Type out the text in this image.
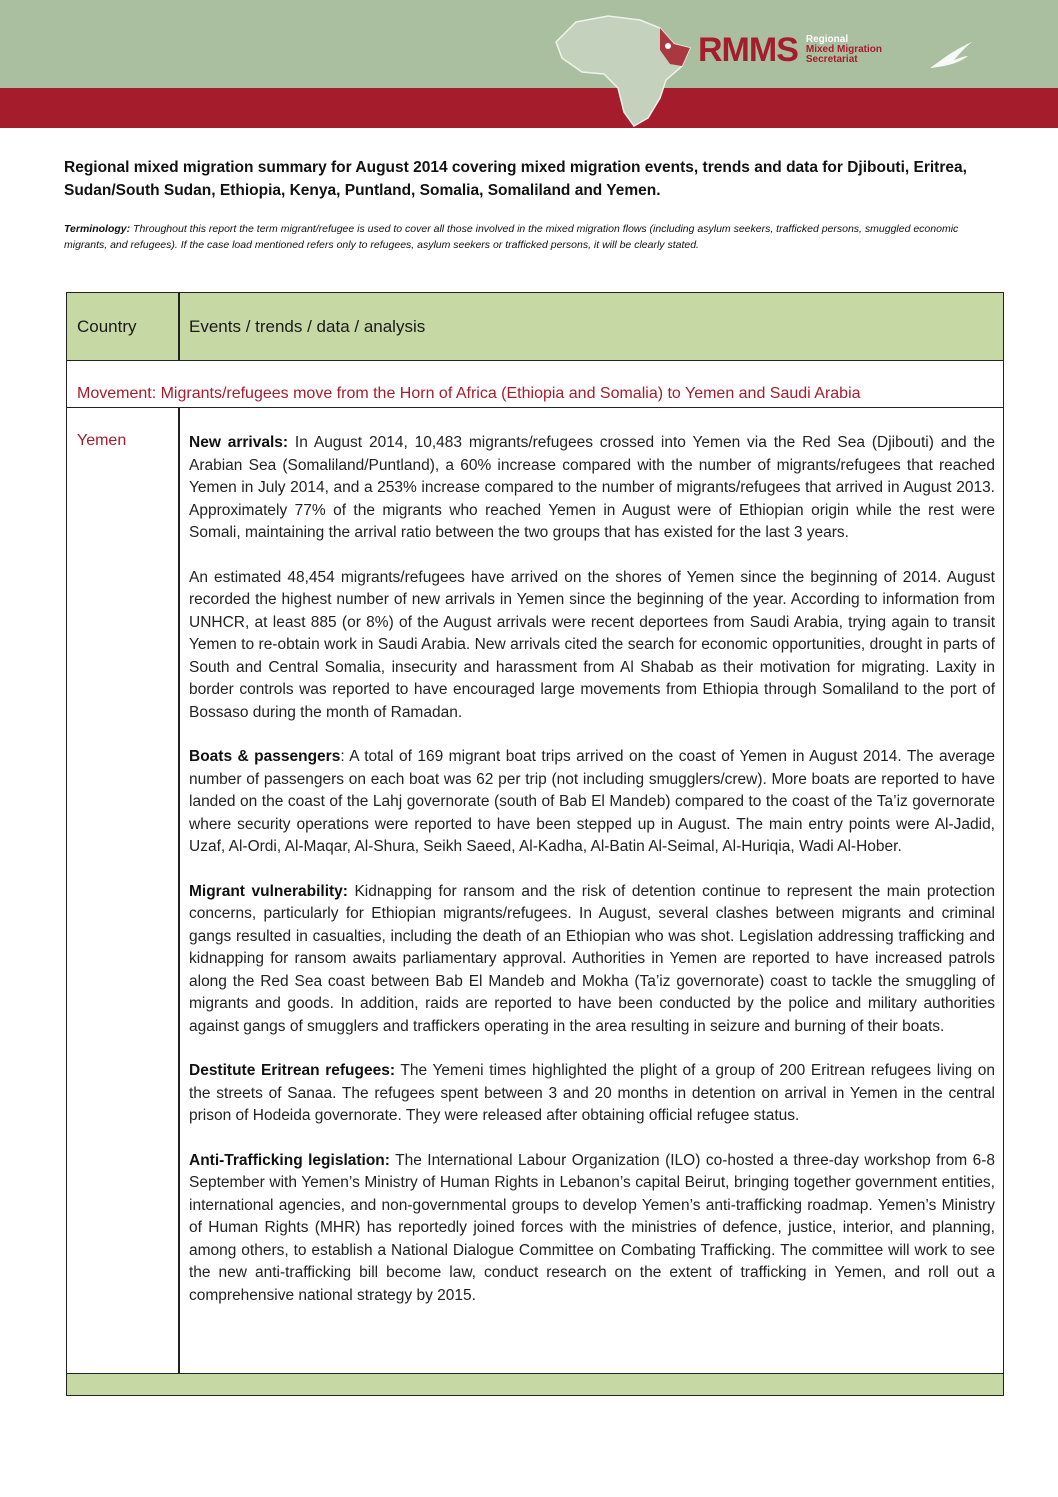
RMMS Regional
Mixed Migration
Secretariat
Regional mixed migration summary for August 2014 covering mixed migration events, trends and data for Djibouti, Eritrea, Sudan/South Sudan, Ethiopia, Kenya, Puntland, Somalia, Somaliland and Yemen.
Terminology: Throughout this report the term migrant/refugee is used to cover all those involved in the mixed migration flows (including asylum seekers, trafficked persons, smuggled economic migrants, and refugees). If the case load mentioned refers only to refugees, asylum seekers or trafficked persons, it will be clearly stated.
Country	Events / trends / data / analysis
Movement: Migrants/refugees move from the Horn of Africa (Ethiopia and Somalia) to Yemen and Saudi Arabia
Yemen	New arrivals: In August 2014, 10,483 migrants/refugees crossed into Yemen via the Red Sea (Djibouti) and the Arabian Sea (Somaliland/Puntland), a 60% increase compared with the number of migrants/refugees that reached Yemen in July 2014, and a 253% increase compared to the number of migrants/refugees that arrived in August 2013. Approximately 77% of the migrants who reached Yemen in August were of Ethiopian origin while the rest were Somali, maintaining the arrival ratio between the two groups that has existed for the last 3 years.

An estimated 48,454 migrants/refugees have arrived on the shores of Yemen since the beginning of 2014. August recorded the highest number of new arrivals in Yemen since the beginning of the year. According to information from UNHCR, at least 885 (or 8%) of the August arrivals were recent deportees from Saudi Arabia, trying again to transit Yemen to re-obtain work in Saudi Arabia. New arrivals cited the search for economic opportunities, drought in parts of South and Central Somalia, insecurity and harassment from Al Shabab as their motivation for migrating. Laxity in border controls was reported to have encouraged large movements from Ethiopia through Somaliland to the port of Bossaso during the month of Ramadan.

Boats & passengers: A total of 169 migrant boat trips arrived on the coast of Yemen in August 2014. The average number of passengers on each boat was 62 per trip (not including smugglers/crew). More boats are reported to have landed on the coast of the Lahj governorate (south of Bab El Mandeb) compared to the coast of the Ta’iz governorate where security operations were reported to have been stepped up in August. The main entry points were Al-Jadid, Uzaf, Al-Ordi, Al-Maqar, Al-Shura, Seikh Saeed, Al-Kadha, Al-Batin Al-Seimal, Al-Huriqia, Wadi Al-Hober.

Migrant vulnerability: Kidnapping for ransom and the risk of detention continue to represent the main protection concerns, particularly for Ethiopian migrants/refugees. In August, several clashes between migrants and criminal gangs resulted in casualties, including the death of an Ethiopian who was shot. Legislation addressing trafficking and kidnapping for ransom awaits parliamentary approval. Authorities in Yemen are reported to have increased patrols along the Red Sea coast between Bab El Mandeb and Mokha (Ta’iz governorate) coast to tackle the smuggling of migrants and goods. In addition, raids are reported to have been conducted by the police and military authorities against gangs of smugglers and traffickers operating in the area resulting in seizure and burning of their boats.

Destitute Eritrean refugees: The Yemeni times highlighted the plight of a group of 200 Eritrean refugees living on the streets of Sanaa. The refugees spent between 3 and 20 months in detention on arrival in Yemen in the central prison of Hodeida governorate. They were released after obtaining official refugee status.

Anti-Trafficking legislation: The International Labour Organization (ILO) co-hosted a three-day workshop from 6-8 September with Yemen’s Ministry of Human Rights in Lebanon’s capital Beirut, bringing together government entities, international agencies, and non-governmental groups to develop Yemen’s anti-trafficking roadmap. Yemen’s Ministry of Human Rights (MHR) has reportedly joined forces with the ministries of defence, justice, interior, and planning, among others, to establish a National Dialogue Committee on Combating Trafficking. The committee will work to see the new anti-trafficking bill become law, conduct research on the extent of trafficking in Yemen, and roll out a comprehensive national strategy by 2015.
